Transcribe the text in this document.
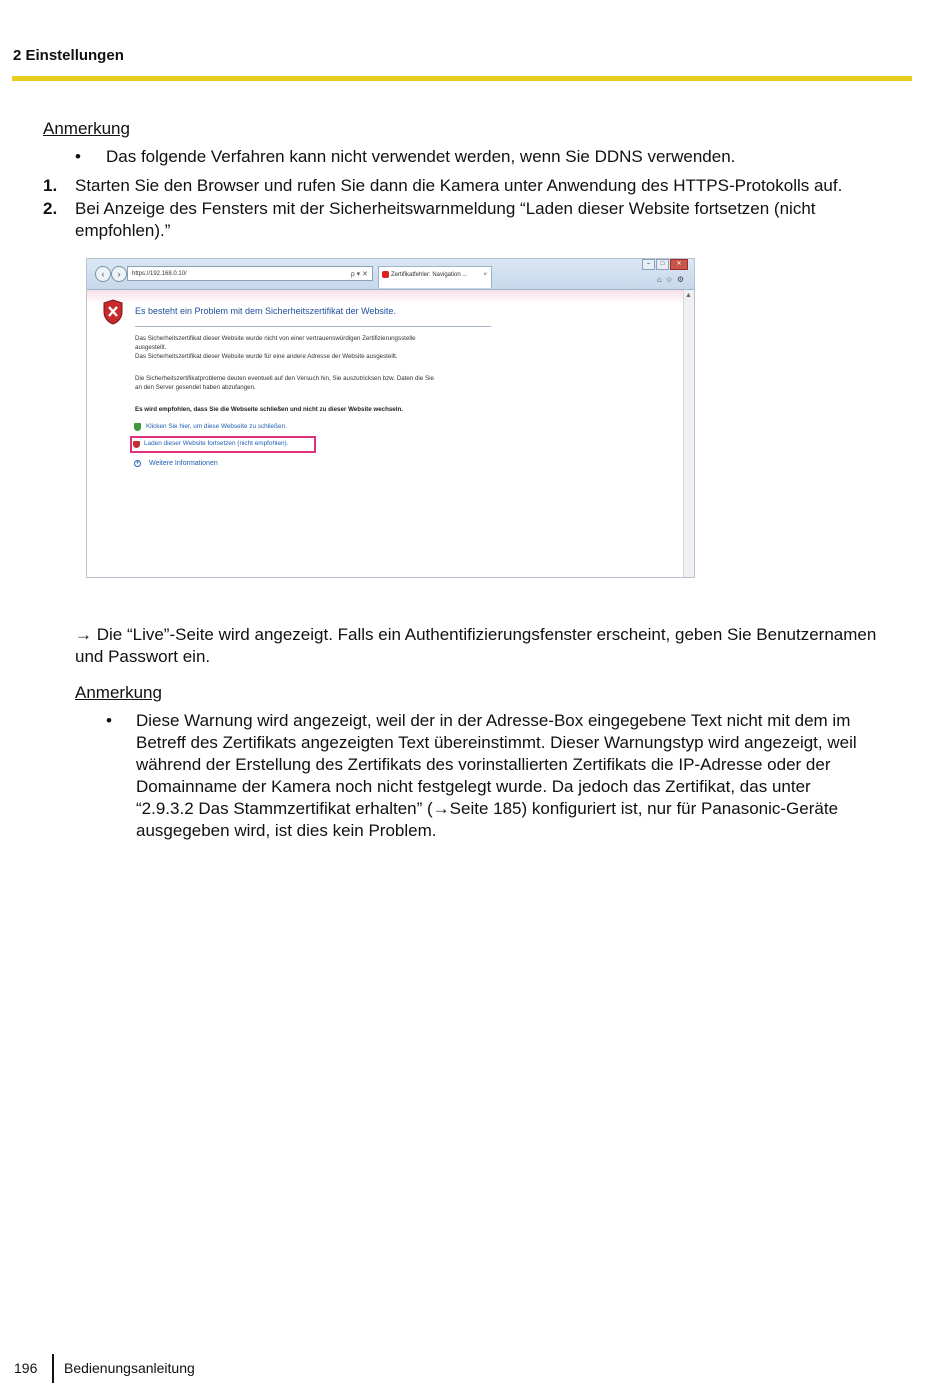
2 Einstellungen
Anmerkung
• Das folgende Verfahren kann nicht verwendet werden, wenn Sie DDNS verwenden.
1. Starten Sie den Browser und rufen Sie dann die Kamera unter Anwendung des HTTPS-Protokolls auf.
2. Bei Anzeige des Fensters mit der Sicherheitswarnmeldung “Laden dieser Website fortsetzen (nicht
empfohlen).”
‹	›	https://192.168.0.10/	ρ ▾ ✕	Zertifikatfehler: Navigation ...	×
–	□	✕
⌂☆⚙
▲
Es besteht ein Problem mit dem Sicherheitszertifikat der Website.
Das Sicherheitszertifikat dieser Website wurde nicht von einer vertrauenswürdigen Zertifizierungsstelle
ausgestellt.
Das Sicherheitszertifikat dieser Website wurde für eine andere Adresse der Website ausgestellt.
Die Sicherheitszertifikatprobleme deuten eventuell auf den Versuch hin, Sie auszutricksen bzw. Daten die Sie
an den Server gesendet haben abzufangen.
Es wird empfohlen, dass Sie die Webseite schließen und nicht zu dieser Website wechseln.
Klicken Sie hier, um diese Webseite zu schließen.
Laden dieser Website fortsetzen (nicht empfohlen).
▾	Weitere Informationen
→ Die “Live”-Seite wird angezeigt. Falls ein Authentifizierungsfenster erscheint, geben Sie Benutzernamen
und Passwort ein.
Anmerkung
• Diese Warnung wird angezeigt, weil der in der Adresse-Box eingegebene Text nicht mit dem im
Betreff des Zertifikats angezeigten Text übereinstimmt. Dieser Warnungstyp wird angezeigt, weil
während der Erstellung des Zertifikats des vorinstallierten Zertifikats die IP-Adresse oder der
Domainname der Kamera noch nicht festgelegt wurde. Da jedoch das Zertifikat, das unter
“2.9.3.2 Das Stammzertifikat erhalten” (→Seite 185) konfiguriert ist, nur für Panasonic-Geräte
ausgegeben wird, ist dies kein Problem.
196 Bedienungsanleitung
